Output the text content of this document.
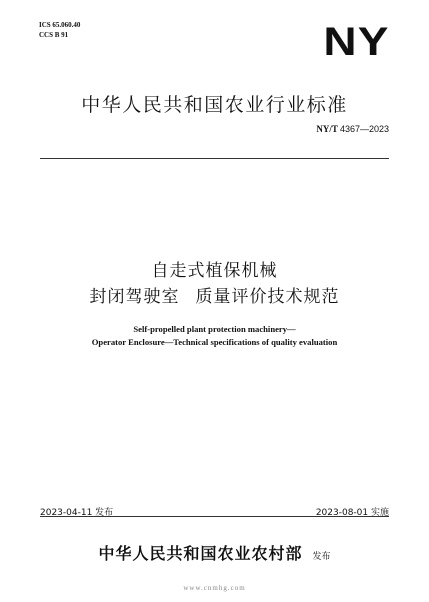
ICS 65.060.40
CCS B 91	NY
中华人民共和国农业行业标准
NY/T 4367—2023
自走式植保机械
封闭驾驶室 质量评价技术规范
Self-propelled plant protection machinery—
Operator Enclosure—Technical specifications of quality evaluation
2023-04-11 发布	2023-08-01 实施
中华人民共和国农业农村部 发布
www.cnmhg.com
